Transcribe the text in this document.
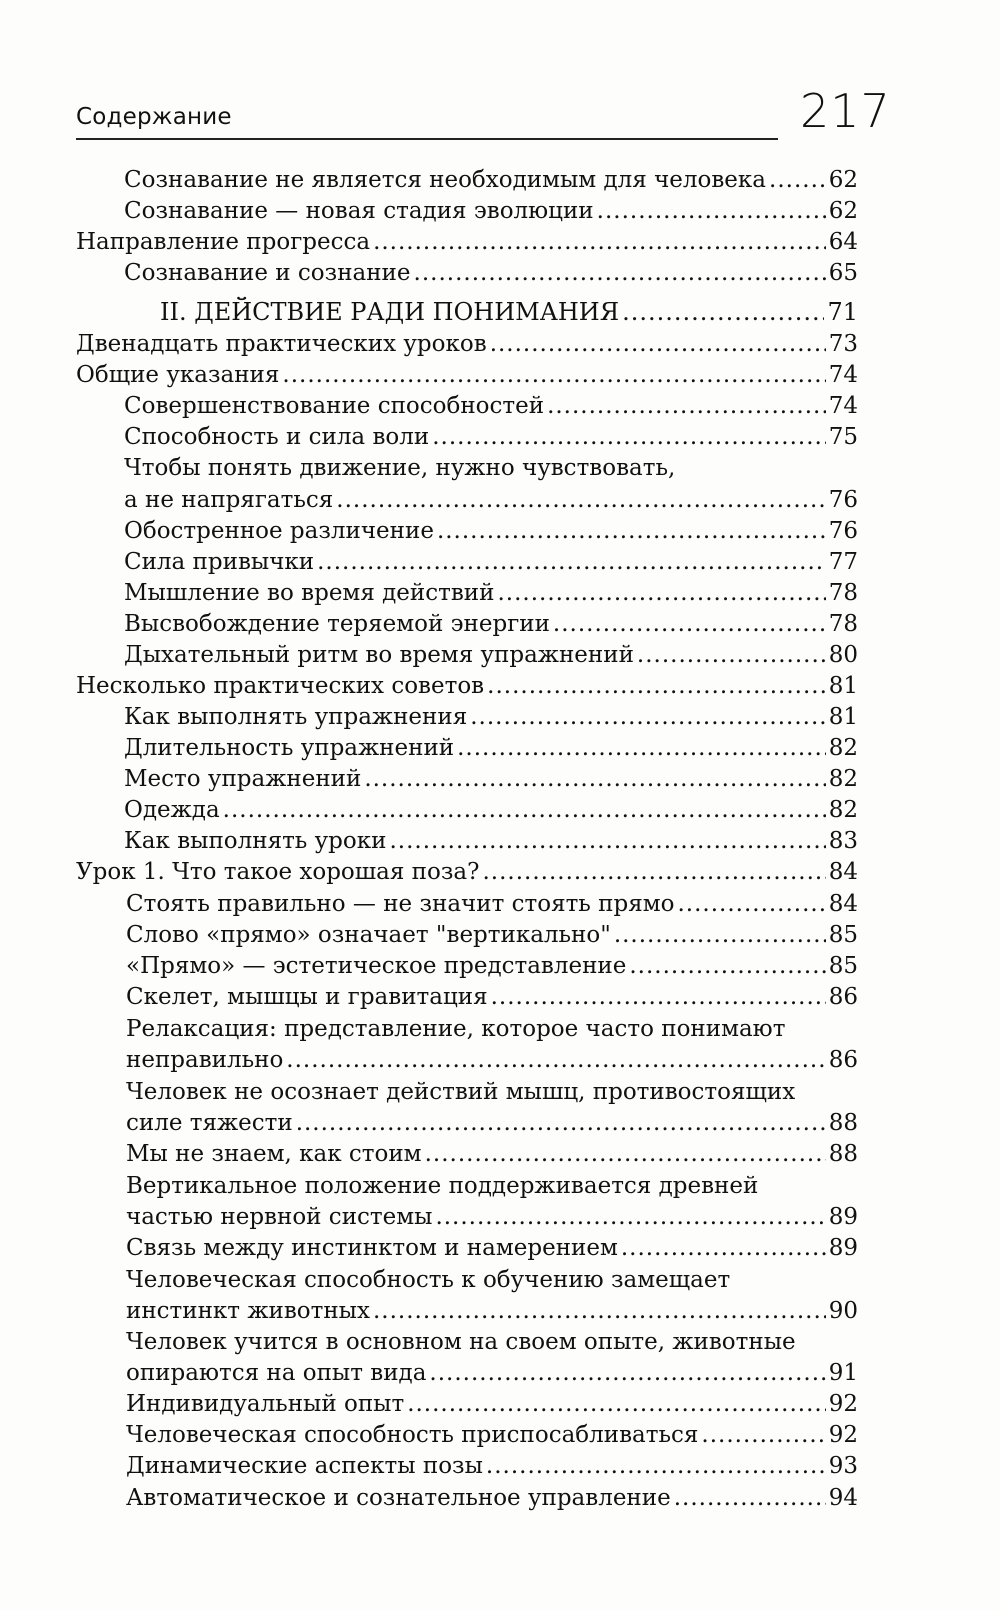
Содержание	217
Сознавание не является необходимым для человека .....	62
Сознавание — новая стадия эволюции .....	62
Направление прогресса .....	64
Сознавание и сознание .....	65
II. ДЕЙСТВИЕ РАДИ ПОНИМАНИЯ .....	71
Двенадцать практических уроков .....	73
Общие указания .....	74
Совершенствование способностей .....	74
Способность и сила воли .....	75
Чтобы понять движение, нужно чувствовать,
а не напрягаться .....	76
Обостренное различение .....	76
Сила привычки .....	77
Мышление во время действий .....	78
Высвобождение теряемой энергии .....	78
Дыхательный ритм во время упражнений .....	80
Несколько практических советов .....	81
Как выполнять упражнения .....	81
Длительность упражнений .....	82
Место упражнений .....	82
Одежда .....	82
Как выполнять уроки .....	83
Урок 1. Что такое хорошая поза? .....	84
Стоять правильно — не значит стоять прямо .....	84
Слово «прямо» означает "вертикально" .....	85
«Прямо» — эстетическое представление .....	85
Скелет, мышцы и гравитация .....	86
Релаксация: представление, которое часто понимают
неправильно .....	86
Человек не осознает действий мышц, противостоящих
силе тяжести .....	88
Мы не знаем, как стоим .....	88
Вертикальное положение поддерживается древней
частью нервной системы .....	89
Связь между инстинктом и намерением .....	89
Человеческая способность к обучению замещает
инстинкт животных .....	90
Человек учится в основном на своем опыте, животные
опираются на опыт вида .....	91
Индивидуальный опыт .....	92
Человеческая способность приспосабливаться .....	92
Динамические аспекты позы .....	93
Автоматическое и сознательное управление .....	94
